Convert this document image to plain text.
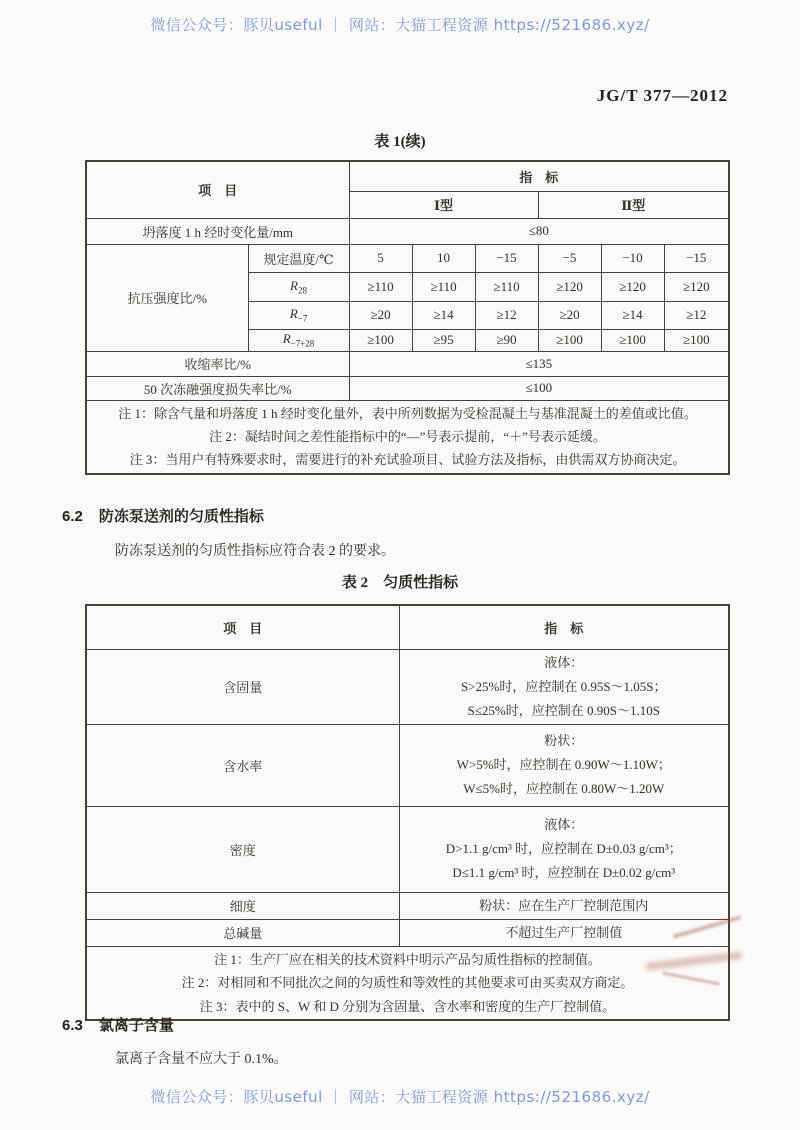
微信公众号：豚贝useful ｜ 网站：大猫工程资源 https://521686.xyz/
JG/T 377—2012
表 1(续)
项　目		指　标					
		Ⅰ型			Ⅱ型		
坍落度 1 h 经时变化量/mm		≤80					
抗压强度比/%	规定温度/℃	5	10	−15	−5	−10	−15
	$R_{28}$	≥110	≥110	≥110	≥120	≥120	≥120
	$R_{-7}$	≥20	≥14	≥12	≥20	≥14	≥12
	$R_{-7+28}$	≥100	≥95	≥90	≥100	≥100	≥100
收缩率比/%		≤135					
50 次冻融强度损失率比/%		≤100					

注 1：除含气量和坍落度 1 h 经时变化量外，表中所列数据为受检混凝土与基准混凝土的差值或比值。
注 2：凝结时间之差性能指标中的“—”号表示提前，“＋”号表示延缓。
注 3：当用户有特殊要求时，需要进行的补充试验项目、试验方法及指标，由供需双方协商决定。							
6.2 防冻泵送剂的匀质性指标
防冻泵送剂的匀质性指标应符合表 2 的要求。
表 2　匀质性指标
项　目	指　标
含固量	液体：
S>25%时，应控制在 0.95S～1.05S；
S≤25%时，应控制在 0.90S～1.10S

含水率	粉状：
W>5%时，应控制在 0.90W～1.10W；
W≤5%时，应控制在 0.80W～1.20W

密度	液体：
D>1.1 g/cm³ 时，应控制在 D±0.03 g/cm³；
D≤1.1 g/cm³ 时，应控制在 D±0.02 g/cm³

细度	粉状：应在生产厂控制范围内

总碱量	不超过生产厂控制值

注 1：生产厂应在相关的技术资料中明示产品匀质性指标的控制值。
注 2：对相同和不同批次之间的匀质性和等效性的其他要求可由买卖双方商定。
注 3：表中的 S、W 和 D 分别为含固量、含水率和密度的生产厂控制值。	
6.3 氯离子含量
氯离子含量不应大于 0.1%。
微信公众号：豚贝useful ｜ 网站：大猫工程资源 https://521686.xyz/
